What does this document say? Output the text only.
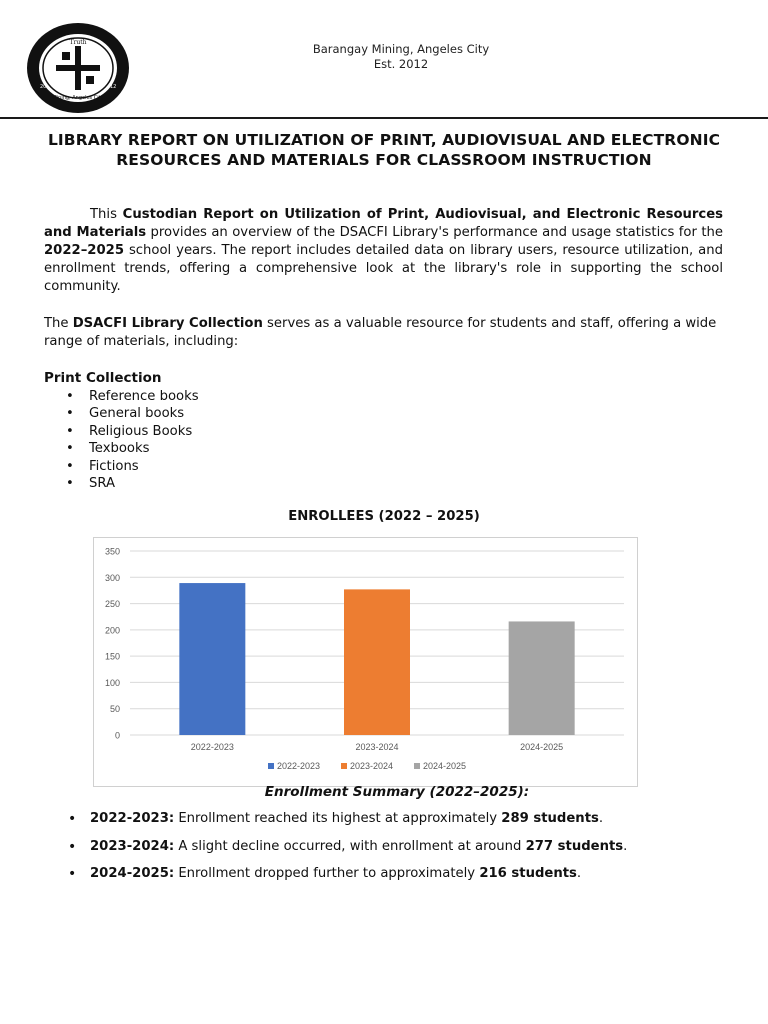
Truth
Mining, Angeles City
20	12
Barangay Mining, Angeles City
Est. 2012
LIBRARY REPORT ON UTILIZATION OF PRINT, AUDIOVISUAL AND ELECTRONIC RESOURCES AND MATERIALS FOR CLASSROOM INSTRUCTION
This Custodian Report on Utilization of Print, Audiovisual, and Electronic Resources and Materials provides an overview of the DSACFI Library's performance and usage statistics for the 2022–2025 school years. The report includes detailed data on library users, resource utilization, and enrollment trends, offering a comprehensive look at the library's role in supporting the school community.
The DSACFI Library Collection serves as a valuable resource for students and staff, offering a wide range of materials, including:
Print Collection
• Reference books
• General books
• Religious Books
• Texbooks
• Fictions
• SRA
ENROLLEES (2022 – 2025)
0
50
100
150
200
250
300
350
2022-2023	2023-2024	2024-2025
2022-2023	2023-2024	2024-2025
Enrollment Summary (2022–2025):
• 2022-2023: Enrollment reached its highest at approximately 289 students.
• 2023-2024: A slight decline occurred, with enrollment at around 277 students.
• 2024-2025: Enrollment dropped further to approximately 216 students.
